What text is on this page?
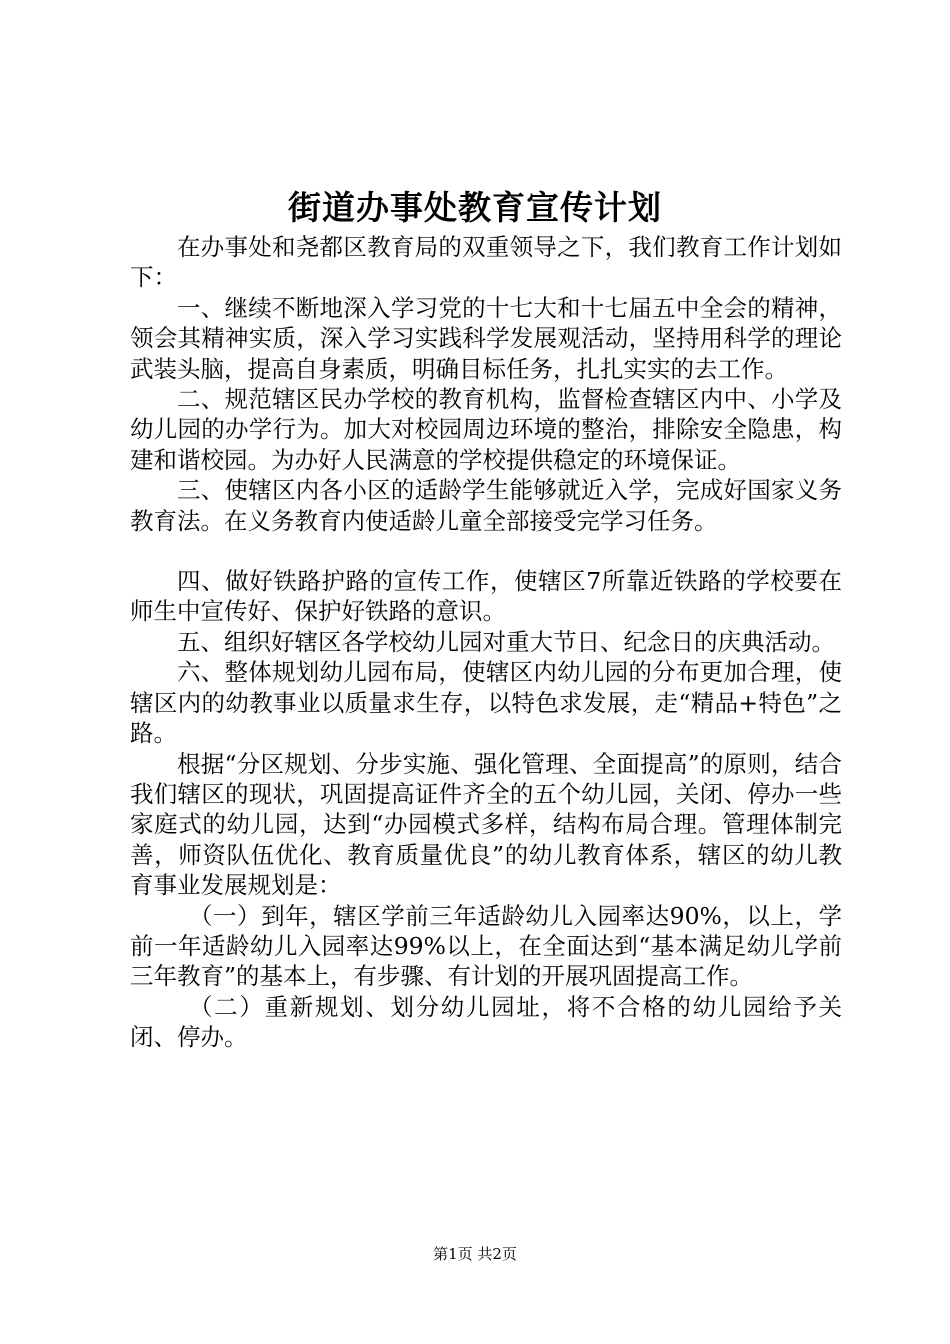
街道办事处教育宣传计划

在办事处和尧都区教育局的双重领导之下，我们教育工作计划如下：

一、继续不断地深入学习党的十七大和十七届五中全会的精神，领会其精神实质，深入学习实践科学发展观活动，坚持用科学的理论武装头脑，提高自身素质，明确目标任务，扎扎实实的去工作。

二、规范辖区民办学校的教育机构，监督检查辖区内中、小学及幼儿园的办学行为。加大对校园周边环境的整治，排除安全隐患，构建和谐校园。为办好人民满意的学校提供稳定的环境保证。

三、使辖区内各小区的适龄学生能够就近入学，完成好国家义务教育法。在义务教育内使适龄儿童全部接受完学习任务。

四、做好铁路护路的宣传工作，使辖区7所靠近铁路的学校要在师生中宣传好、保护好铁路的意识。

五、组织好辖区各学校幼儿园对重大节日、纪念日的庆典活动。

六、整体规划幼儿园布局，使辖区内幼儿园的分布更加合理，使辖区内的幼教事业以质量求生存，以特色求发展，走“精品+特色”之路。

根据“分区规划、分步实施、强化管理、全面提高”的原则，结合我们辖区的现状，巩固提高证件齐全的五个幼儿园，关闭、停办一些家庭式的幼儿园，达到“办园模式多样，结构布局合理。管理体制完善，师资队伍优化、教育质量优良”的幼儿教育体系，辖区的幼儿教育事业发展规划是：

（一）到年，辖区学前三年适龄幼儿入园率达90%，以上，学前一年适龄幼儿入园率达99%以上，在全面达到“基本满足幼儿学前三年教育”的基本上，有步骤、有计划的开展巩固提高工作。

（二）重新规划、划分幼儿园址，将不合格的幼儿园给予关闭、停办。

第1页 共2页
